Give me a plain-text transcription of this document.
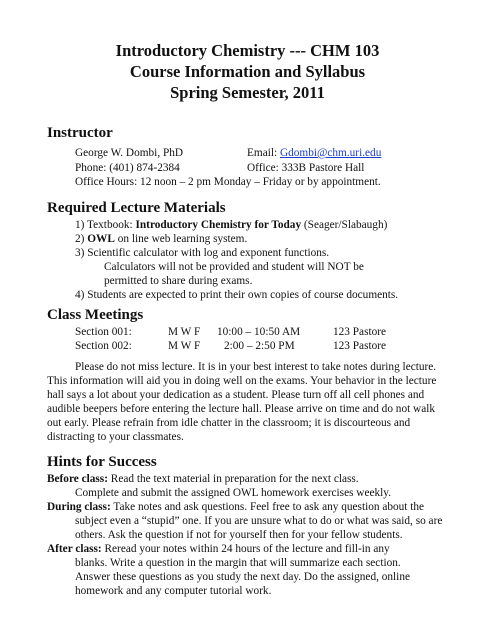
Introductory Chemistry --- CHM 103
Course Information and Syllabus
Spring Semester, 2011
Instructor
George W. Dombi, PhD	Email: Gdombi@chm.uri.edu
Phone: (401) 874-2384	Office: 333B Pastore Hall
Office Hours: 12 noon – 2 pm Monday – Friday or by appointment.
Required Lecture Materials
1) Textbook: Introductory Chemistry for Today (Seager/Slabaugh)
2) OWL on line web learning system.
3) Scientific calculator with log and exponent functions.
Calculators will not be provided and student will NOT be
permitted to share during exams.
4) Students are expected to print their own copies of course documents.
Class Meetings
Section 001:	M W F 10:00 – 10:50 AM	123 Pastore
Section 002:	M W F 2:00 – 2:50 PM	123 Pastore
Please do not miss lecture. It is in your best interest to take notes during lecture.
This information will aid you in doing well on the exams. Your behavior in the lecture
hall says a lot about your dedication as a student. Please turn off all cell phones and
audible beepers before entering the lecture hall. Please arrive on time and do not walk
out early. Please refrain from idle chatter in the classroom; it is discourteous and
distracting to your classmates.
Hints for Success
Before class: Read the text material in preparation for the next class.
Complete and submit the assigned OWL homework exercises weekly.
During class: Take notes and ask questions. Feel free to ask any question about the
subject even a “stupid” one. If you are unsure what to do or what was said, so are
others. Ask the question if not for yourself then for your fellow students.
After class: Reread your notes within 24 hours of the lecture and fill-in any
blanks. Write a question in the margin that will summarize each section.
Answer these questions as you study the next day. Do the assigned, online
homework and any computer tutorial work.
